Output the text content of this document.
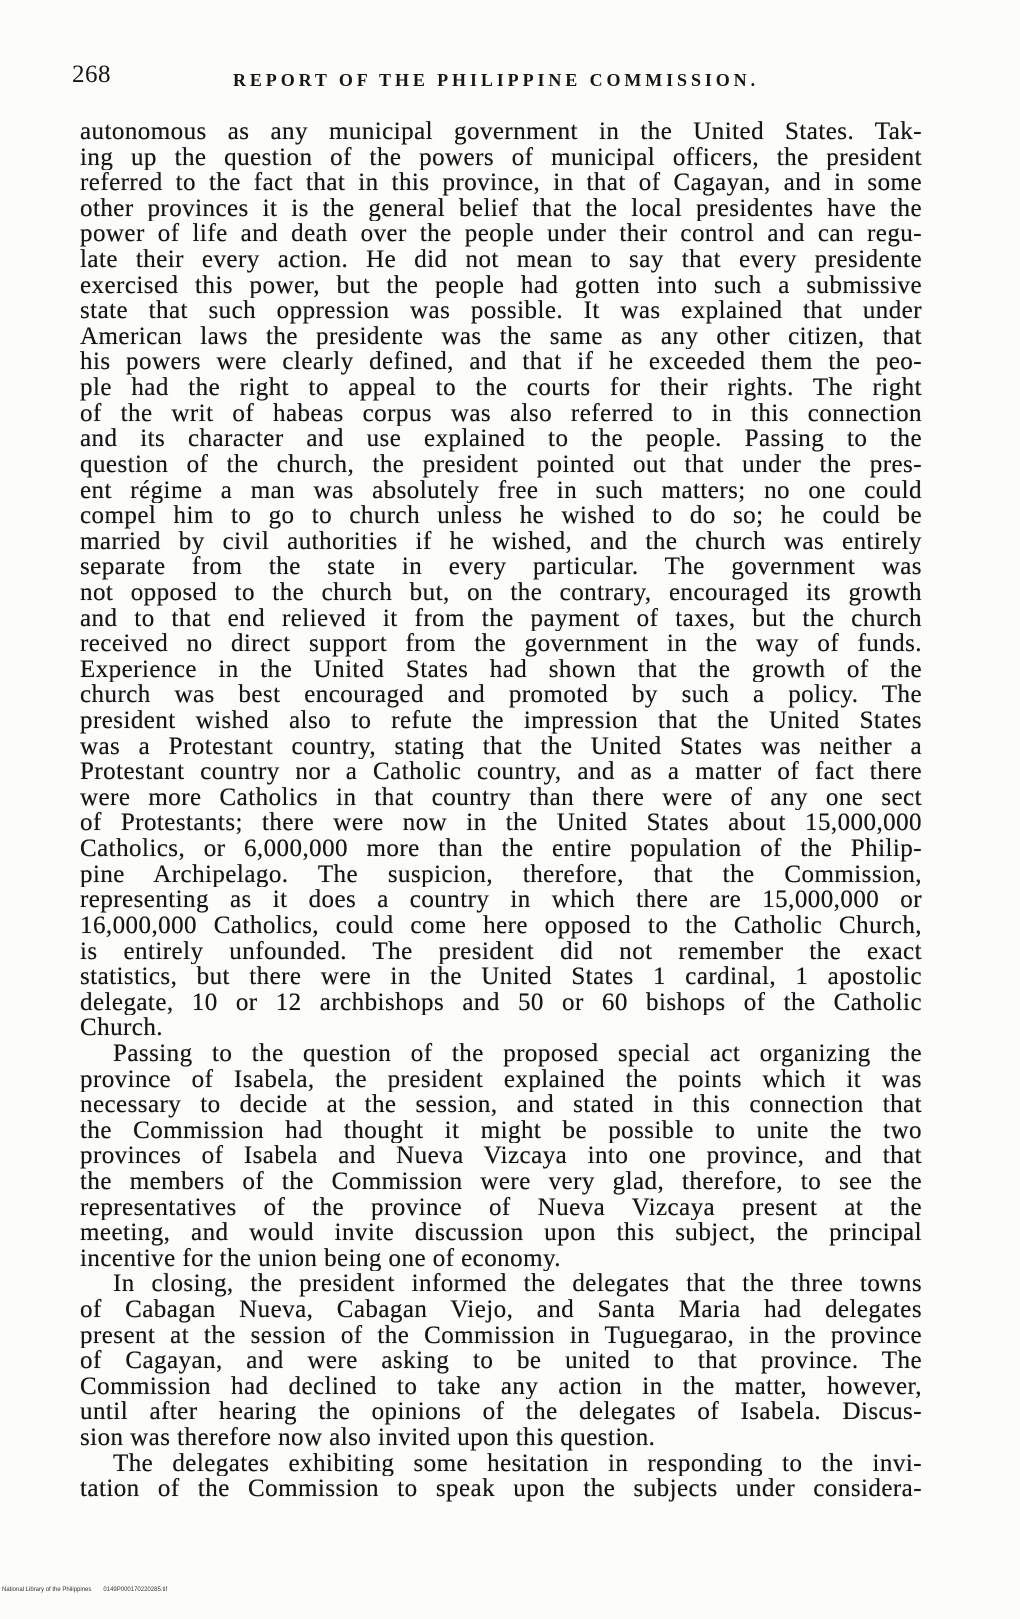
268	REPORT OF THE PHILIPPINE COMMISSION.
autonomous as any municipal government in the United States. Tak-
ing up the question of the powers of municipal officers, the president
referred to the fact that in this province, in that of Cagayan, and in some
other provinces it is the general belief that the local presidentes have the
power of life and death over the people under their control and can regu-
late their every action. He did not mean to say that every presidente
exercised this power, but the people had gotten into such a submissive
state that such oppression was possible. It was explained that under
American laws the presidente was the same as any other citizen, that
his powers were clearly defined, and that if he exceeded them the peo-
ple had the right to appeal to the courts for their rights. The right
of the writ of habeas corpus was also referred to in this connection
and its character and use explained to the people. Passing to the
question of the church, the president pointed out that under the pres-
ent régime a man was absolutely free in such matters; no one could
compel him to go to church unless he wished to do so; he could be
married by civil authorities if he wished, and the church was entirely
separate from the state in every particular. The government was
not opposed to the church but, on the contrary, encouraged its growth
and to that end relieved it from the payment of taxes, but the church
received no direct support from the government in the way of funds.
Experience in the United States had shown that the growth of the
church was best encouraged and promoted by such a policy. The
president wished also to refute the impression that the United States
was a Protestant country, stating that the United States was neither a
Protestant country nor a Catholic country, and as a matter of fact there
were more Catholics in that country than there were of any one sect
of Protestants; there were now in the United States about 15,000,000
Catholics, or 6,000,000 more than the entire population of the Philip-
pine Archipelago. The suspicion, therefore, that the Commission,
representing as it does a country in which there are 15,000,000 or
16,000,000 Catholics, could come here opposed to the Catholic Church,
is entirely unfounded. The president did not remember the exact
statistics, but there were in the United States 1 cardinal, 1 apostolic
delegate, 10 or 12 archbishops and 50 or 60 bishops of the Catholic
Church.
Passing to the question of the proposed special act organizing the
province of Isabela, the president explained the points which it was
necessary to decide at the session, and stated in this connection that
the Commission had thought it might be possible to unite the two
provinces of Isabela and Nueva Vizcaya into one province, and that
the members of the Commission were very glad, therefore, to see the
representatives of the province of Nueva Vizcaya present at the
meeting, and would invite discussion upon this subject, the principal
incentive for the union being one of economy.
In closing, the president informed the delegates that the three towns
of Cabagan Nueva, Cabagan Viejo, and Santa Maria had delegates
present at the session of the Commission in Tuguegarao, in the province
of Cagayan, and were asking to be united to that province. The
Commission had declined to take any action in the matter, however,
until after hearing the opinions of the delegates of Isabela. Discus-
sion was therefore now also invited upon this question.
The delegates exhibiting some hesitation in responding to the invi-
tation of the Commission to speak upon the subjects under considera-
National Library of the Philippines 0149P000170220285.tif
